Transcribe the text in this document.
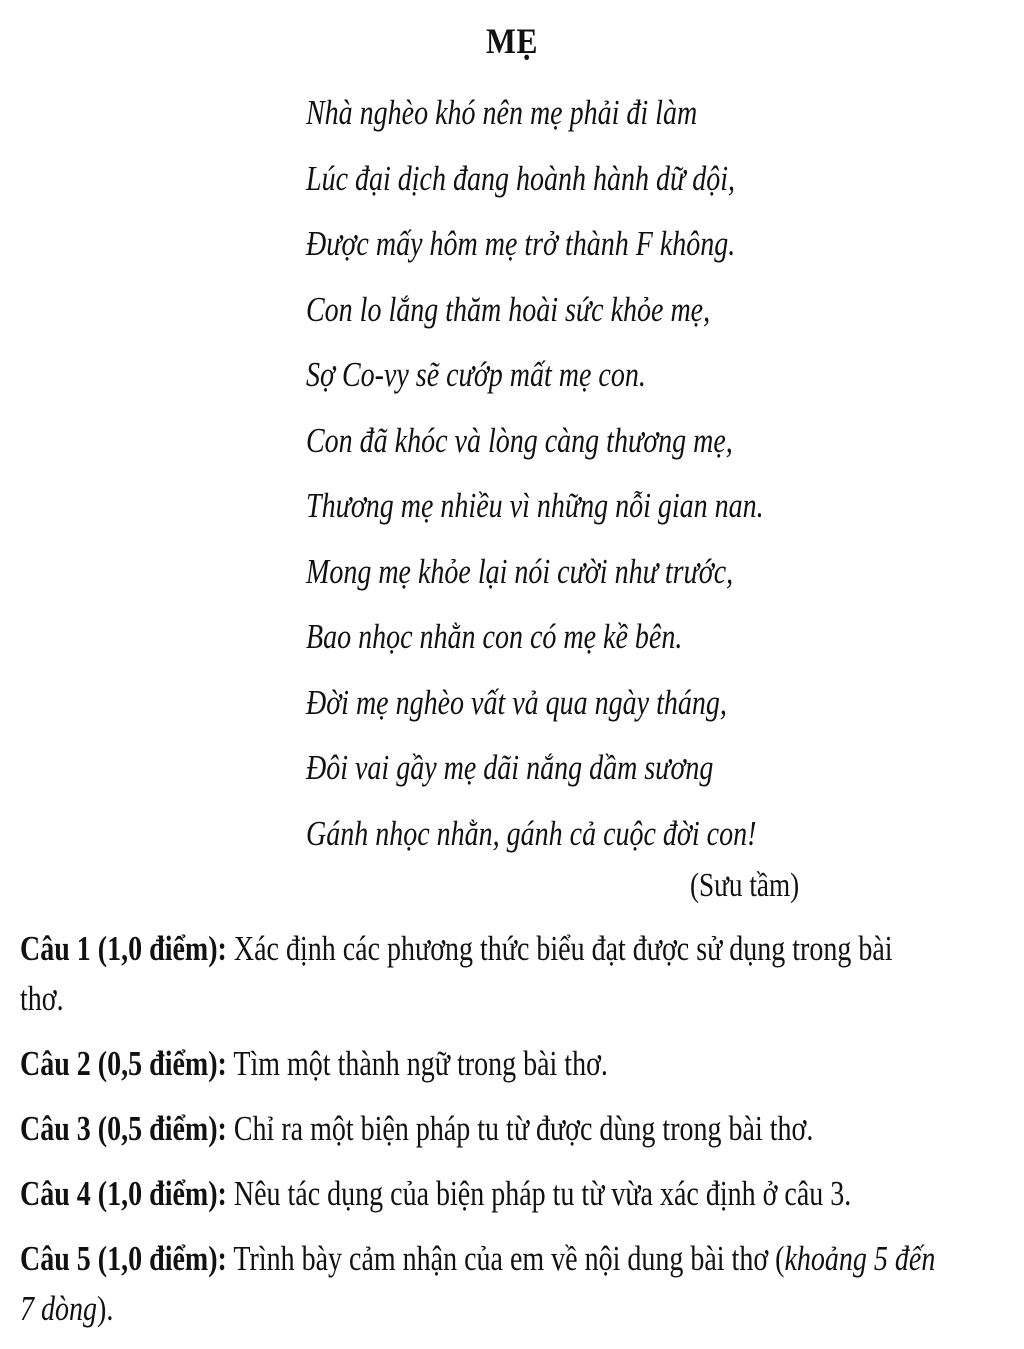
MẸ
Nhà nghèo khó nên mẹ phải đi làm
Lúc đại dịch đang hoành hành dữ dội,
Được mấy hôm mẹ trở thành F không.
Con lo lắng thăm hoài sức khỏe mẹ,
Sợ Co-vy sẽ cướp mất mẹ con.
Con đã khóc và lòng càng thương mẹ,
Thương mẹ nhiều vì những nỗi gian nan.
Mong mẹ khỏe lại nói cười như trước,
Bao nhọc nhằn con có mẹ kề bên.
Đời mẹ nghèo vất vả qua ngày tháng,
Đôi vai gầy mẹ dãi nắng dầm sương
Gánh nhọc nhằn, gánh cả cuộc đời con!
(Sưu tầm)
Câu 1 (1,0 điểm): Xác định các phương thức biểu đạt được sử dụng trong bài thơ.
Câu 2 (0,5 điểm): Tìm một thành ngữ trong bài thơ.
Câu 3 (0,5 điểm): Chỉ ra một biện pháp tu từ được dùng trong bài thơ.
Câu 4 (1,0 điểm): Nêu tác dụng của biện pháp tu từ vừa xác định ở câu 3.
Câu 5 (1,0 điểm): Trình bày cảm nhận của em về nội dung bài thơ (khoảng 5 đến 7 dòng).
